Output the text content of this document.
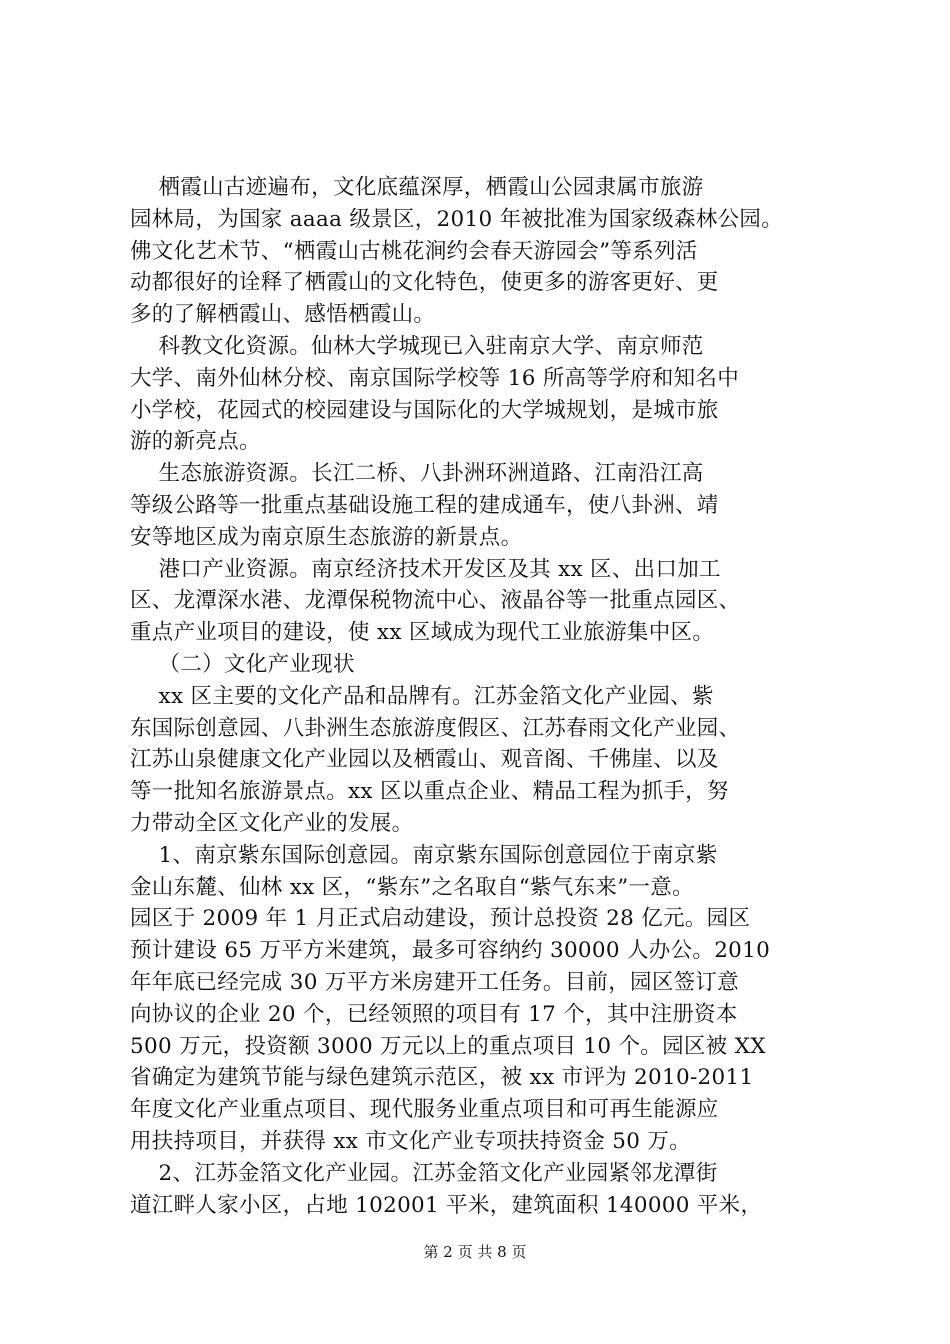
栖霞山古迹遍布，文化底蕴深厚，栖霞山公园隶属市旅游
园林局，为国家 aaaa 级景区，2010 年被批准为国家级森林公园。
佛文化艺术节、“栖霞山古桃花涧约会春天游园会”等系列活
动都很好的诠释了栖霞山的文化特色，使更多的游客更好、更
多的了解栖霞山、感悟栖霞山。
科教文化资源。仙林大学城现已入驻南京大学、南京师范
大学、南外仙林分校、南京国际学校等 16 所高等学府和知名中
小学校，花园式的校园建设与国际化的大学城规划，是城市旅
游的新亮点。
生态旅游资源。长江二桥、八卦洲环洲道路、江南沿江高
等级公路等一批重点基础设施工程的建成通车，使八卦洲、靖
安等地区成为南京原生态旅游的新景点。
港口产业资源。南京经济技术开发区及其 xx 区、出口加工
区、龙潭深水港、龙潭保税物流中心、液晶谷等一批重点园区、
重点产业项目的建设，使 xx 区域成为现代工业旅游集中区。
（二）文化产业现状
xx 区主要的文化产品和品牌有。江苏金箔文化产业园、紫
东国际创意园、八卦洲生态旅游度假区、江苏春雨文化产业园、
江苏山泉健康文化产业园以及栖霞山、观音阁、千佛崖、以及
等一批知名旅游景点。xx 区以重点企业、精品工程为抓手，努
力带动全区文化产业的发展。
1、南京紫东国际创意园。南京紫东国际创意园位于南京紫
金山东麓、仙林 xx 区，“紫东”之名取自“紫气东来”一意。
园区于 2009 年 1 月正式启动建设，预计总投资 28 亿元。园区
预计建设 65 万平方米建筑，最多可容纳约 30000 人办公。2010
年年底已经完成 30 万平方米房建开工任务。目前，园区签订意
向协议的企业 20 个，已经领照的项目有 17 个，其中注册资本
500 万元，投资额 3000 万元以上的重点项目 10 个。园区被 XX
省确定为建筑节能与绿色建筑示范区，被 xx 市评为 2010-2011
年度文化产业重点项目、现代服务业重点项目和可再生能源应
用扶持项目，并获得 xx 市文化产业专项扶持资金 50 万。
2、江苏金箔文化产业园。江苏金箔文化产业园紧邻龙潭街
道江畔人家小区，占地 102001 平米，建筑面积 140000 平米，
第 2 页 共 8 页
